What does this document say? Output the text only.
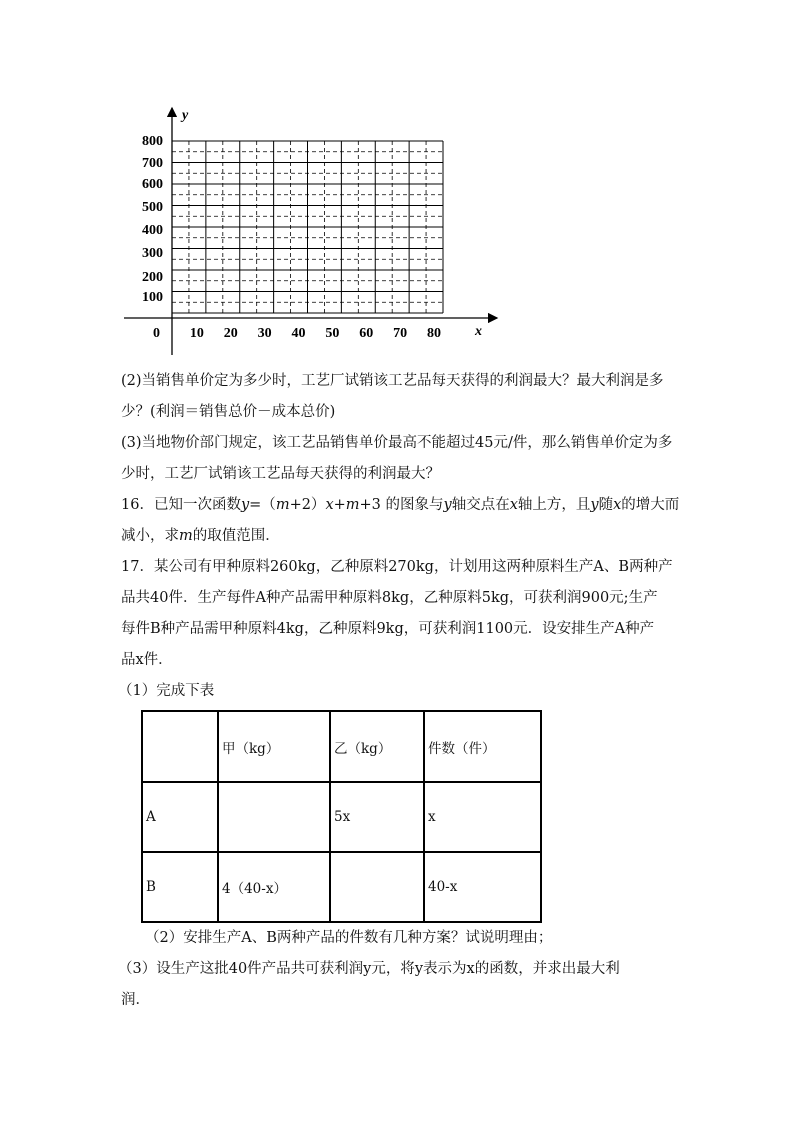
y
x
0 10 20 30 40 50 60 70 80
800
700
600
500
400
300
200
100
(2)当销售单价定为多少时，工艺厂试销该工艺品每天获得的利润最大？最大利润是多
少？(利润＝销售总价－成本总价)
(3)当地物价部门规定，该工艺品销售单价最高不能超过45元/件，那么销售单价定为多
少时，工艺厂试销该工艺品每天获得的利润最大？
16．已知一次函数y=（m+2）x+m+3 的图象与y轴交点在x轴上方，且y随x的增大而
减小，求m的取值范围．
17．某公司有甲种原料260kg，乙种原料270kg，计划用这两种原料生产A、B两种产
品共40件．生产每件A种产品需甲种原料8kg，乙种原料5kg，可获利润900元;生产
每件B种产品需甲种原料4kg，乙种原料9kg，可获利润1100元．设安排生产A种产
品x件．
（1）完成下表
	甲（kg）	乙（kg）	件数（件）
A		5x	x
B	4（40-x）		40-x
（2）安排生产A、B两种产品的件数有几种方案？试说明理由；
（3）设生产这批40件产品共可获利润y元，将y表示为x的函数，并求出最大利
润．
